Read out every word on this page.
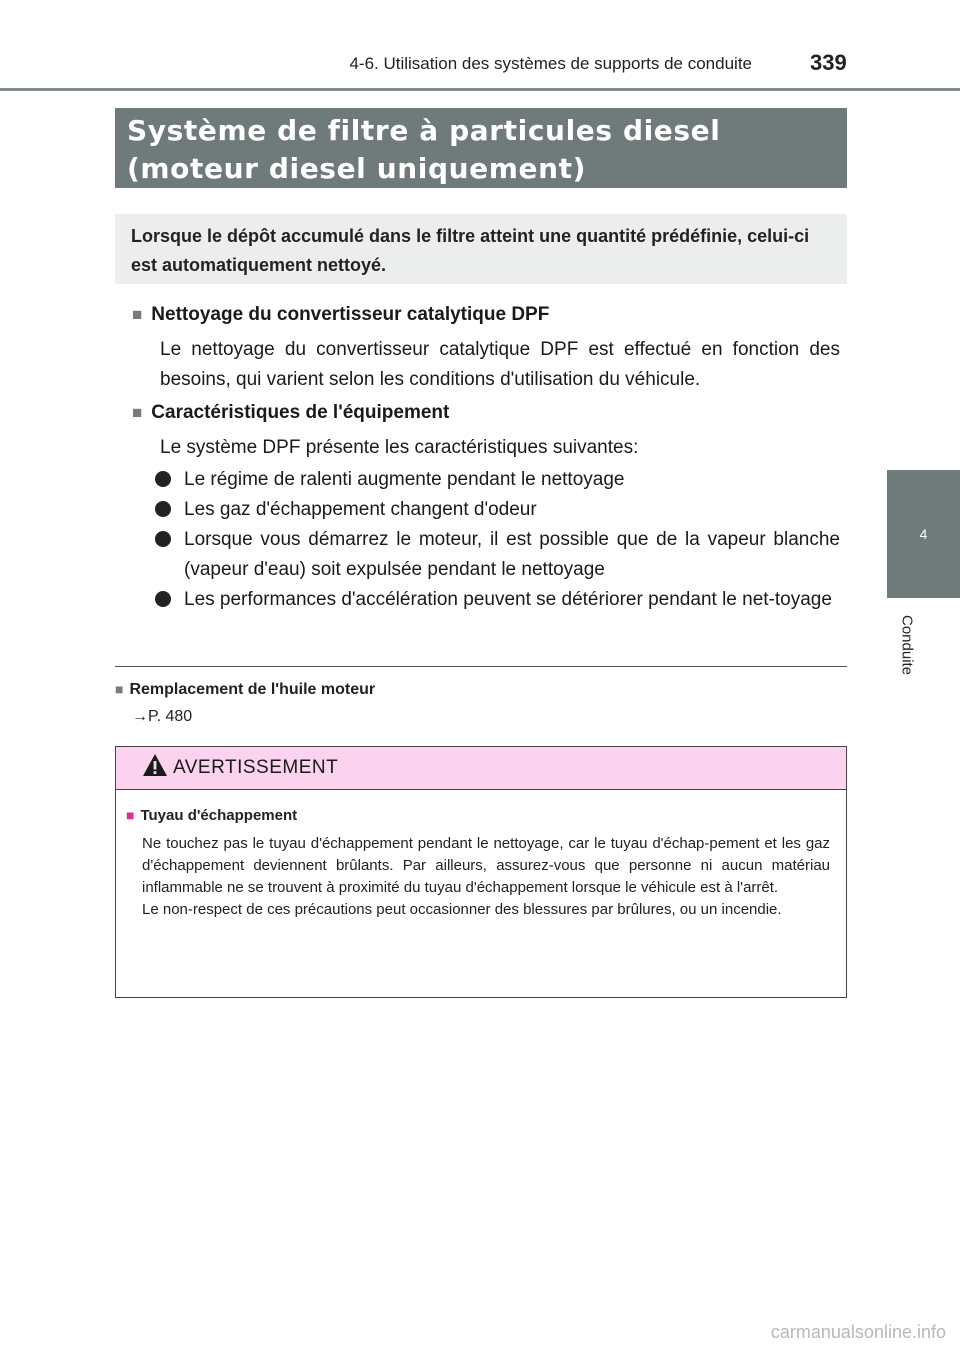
4-6. Utilisation des systèmes de supports de conduite	339
4
Conduite
Système de filtre à particules diesel (moteur diesel uniquement)
Lorsque le dépôt accumulé dans le filtre atteint une quantité prédéfinie, celui-ci est automatiquement nettoyé.
■ Nettoyage du convertisseur catalytique DPF
Le nettoyage du convertisseur catalytique DPF est effectué en fonction des besoins, qui varient selon les conditions d'utilisation du véhicule.
■ Caractéristiques de l'équipement
Le système DPF présente les caractéristiques suivantes:
Le régime de ralenti augmente pendant le nettoyage
Les gaz d'échappement changent d'odeur
Lorsque vous démarrez le moteur, il est possible que de la vapeur blanche (vapeur d'eau) soit expulsée pendant le nettoyage
Les performances d'accélération peuvent se détériorer pendant le net-toyage
■ Remplacement de l'huile moteur
→P. 480
AVERTISSEMENT
■ Tuyau d'échappement

Ne touchez pas le tuyau d'échappement pendant le nettoyage, car le tuyau d'échap-pement et les gaz d'échappement deviennent brûlants. Par ailleurs, assurez-vous que personne ni aucun matériau inflammable ne se trouvent à proximité du tuyau d'échappement lorsque le véhicule est à l'arrêt.

Le non-respect de ces précautions peut occasionner des blessures par brûlures, ou un incendie.

carmanualsonline.info
